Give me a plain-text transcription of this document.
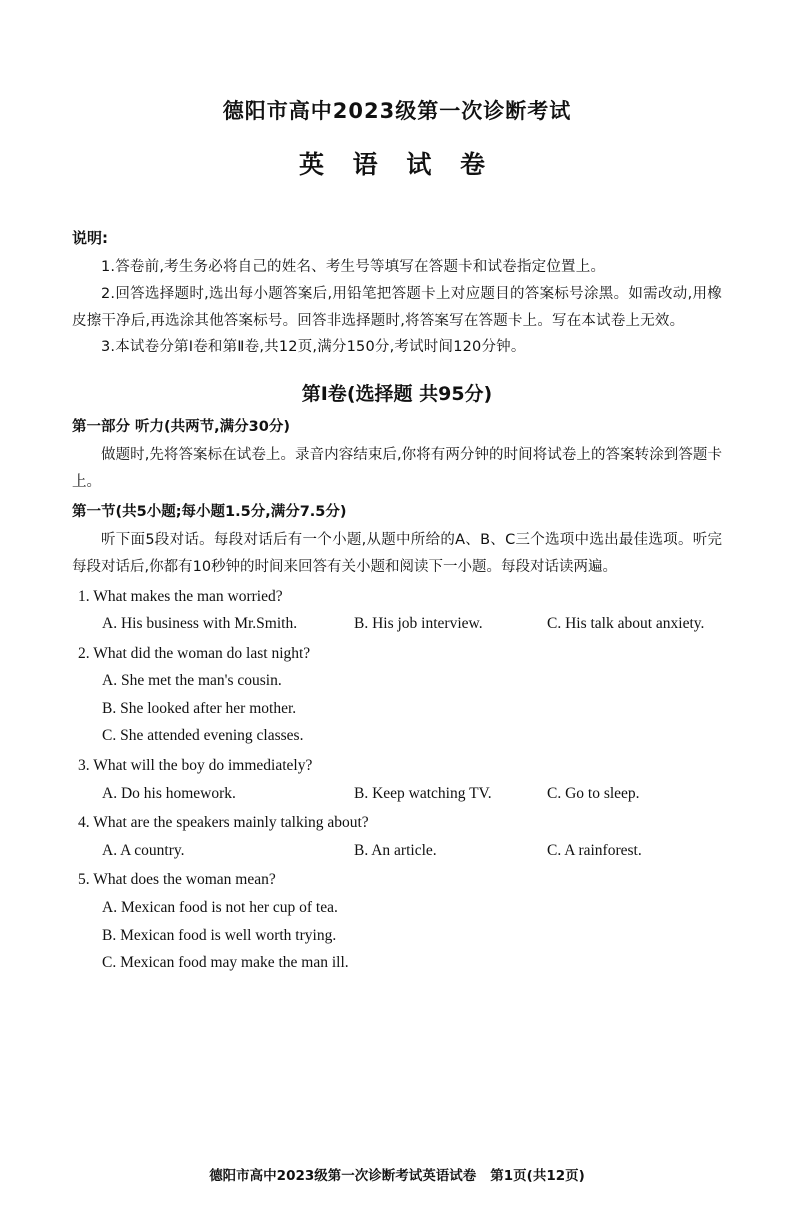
德阳市高中2023级第一次诊断考试
英 语 试 卷
说明:
1.答卷前,考生务必将自己的姓名、考生号等填写在答题卡和试卷指定位置上。
2.回答选择题时,选出每小题答案后,用铅笔把答题卡上对应题目的答案标号涂黑。如需改动,用橡皮擦干净后,再选涂其他答案标号。回答非选择题时,将答案写在答题卡上。写在本试卷上无效。
3.本试卷分第Ⅰ卷和第Ⅱ卷,共12页,满分150分,考试时间120分钟。
第Ⅰ卷(选择题 共95分)
第一部分 听力(共两节,满分30分)
做题时,先将答案标在试卷上。录音内容结束后,你将有两分钟的时间将试卷上的答案转涂到答题卡上。
第一节(共5小题;每小题1.5分,满分7.5分)
听下面5段对话。每段对话后有一个小题,从题中所给的A、B、C三个选项中选出最佳选项。听完每段对话后,你都有10秒钟的时间来回答有关小题和阅读下一小题。每段对话读两遍。
1. What makes the man worried?
A. His business with Mr.Smith.	B. His job interview.	C. His talk about anxiety.
2. What did the woman do last night?
A. She met the man's cousin.
B. She looked after her mother.
C. She attended evening classes.
3. What will the boy do immediately?
A. Do his homework.	B. Keep watching TV.	C. Go to sleep.
4. What are the speakers mainly talking about?
A. A country.	B. An article.	C. A rainforest.
5. What does the woman mean?
A. Mexican food is not her cup of tea.
B. Mexican food is well worth trying.
C. Mexican food may make the man ill.
德阳市高中2023级第一次诊断考试英语试卷 第1页(共12页)
